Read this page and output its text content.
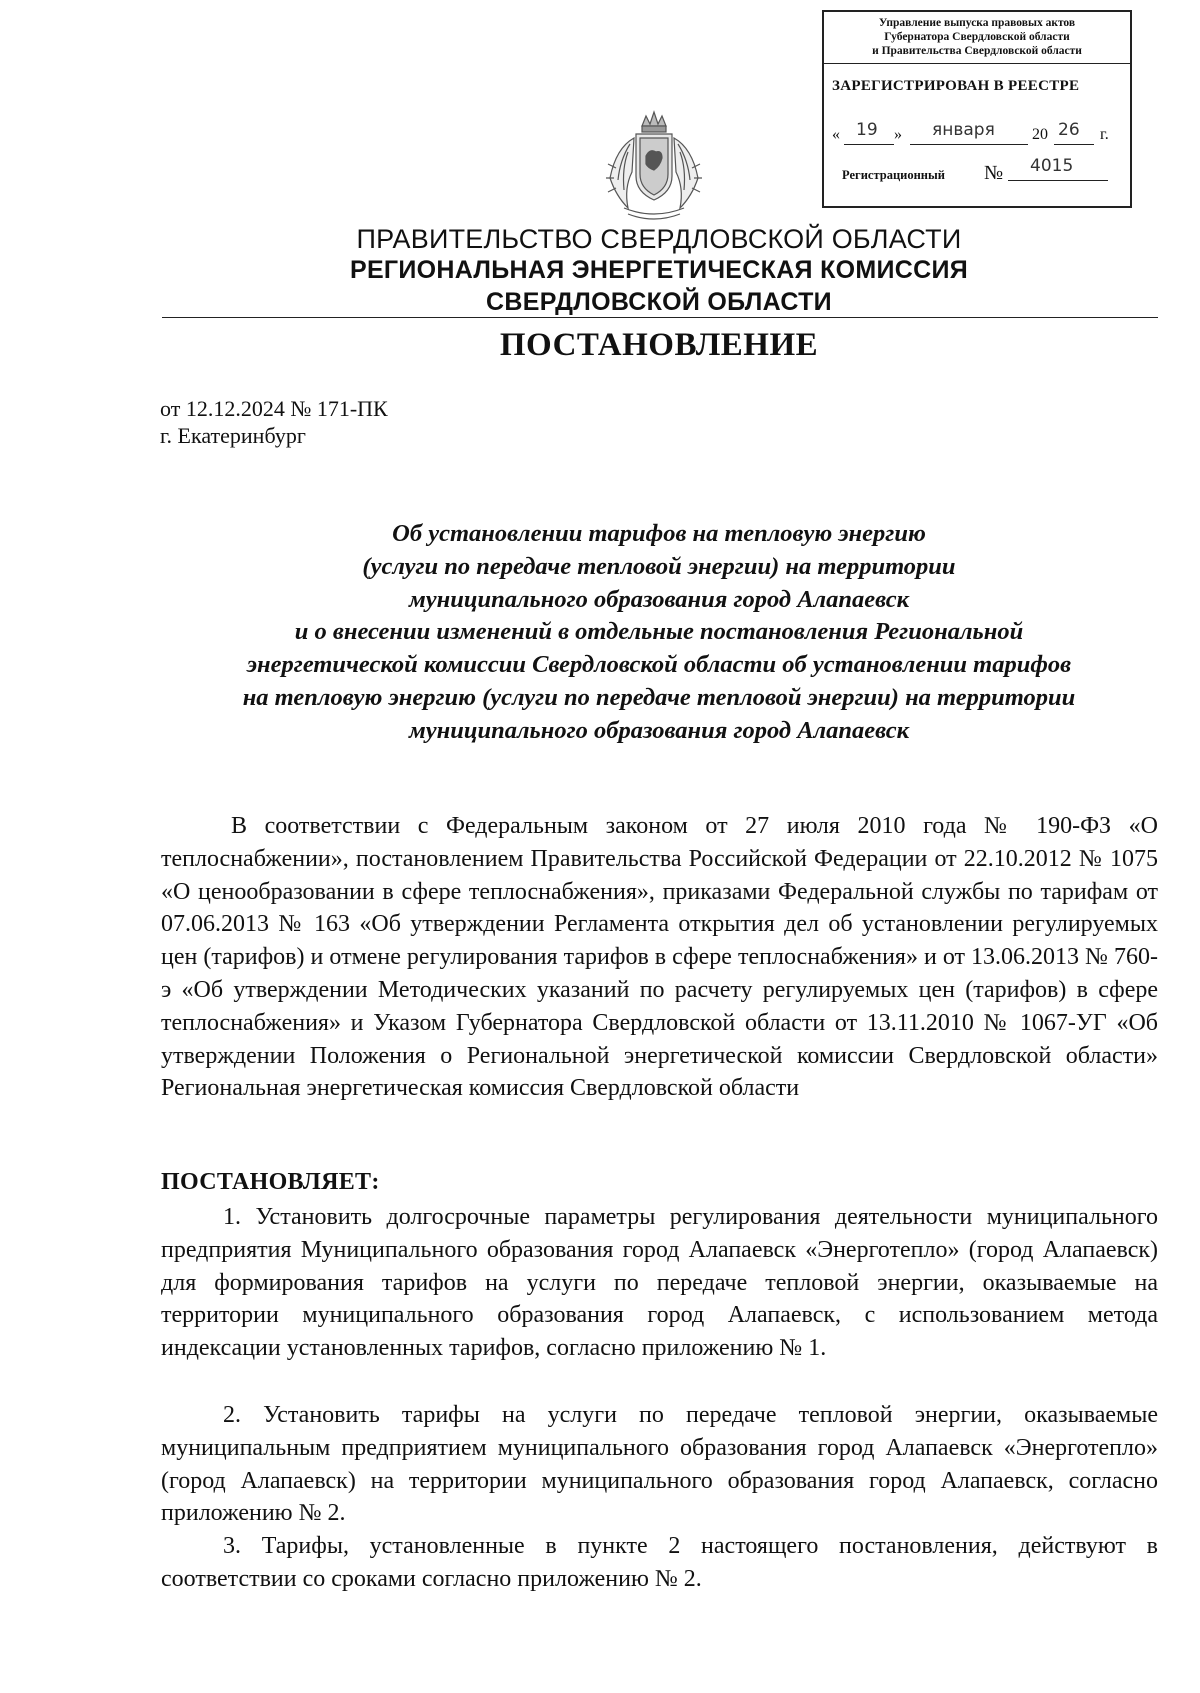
Управление выпуска правовых актов
Губернатора Свердловской области
и Правительства Свердловской области
ЗАРЕГИСТРИРОВАН В РЕЕСТРЕ
« 19 » января 20 26 г.
Регистрационный № 4015
ПРАВИТЕЛЬСТВО СВЕРДЛОВСКОЙ ОБЛАСТИ
РЕГИОНАЛЬНАЯ ЭНЕРГЕТИЧЕСКАЯ КОМИССИЯ
СВЕРДЛОВСКОЙ ОБЛАСТИ
ПОСТАНОВЛЕНИЕ
от 12.12.2024 № 171-ПК
г. Екатеринбург
Об установлении тарифов на тепловую энергию
(услуги по передаче тепловой энергии) на территории
муниципального образования город Алапаевск
и о внесении изменений в отдельные постановления Региональной
энергетической комиссии Свердловской области об установлении тарифов
на тепловую энергию (услуги по передаче тепловой энергии) на территории
муниципального образования город Алапаевск
В соответствии с Федеральным законом от 27 июля 2010 года № 190-ФЗ «О теплоснабжении», постановлением Правительства Российской Федерации от 22.10.2012 № 1075 «О ценообразовании в сфере теплоснабжения», приказами Федеральной службы по тарифам от 07.06.2013 № 163 «Об утверждении Регламента открытия дел об установлении регулируемых цен (тарифов) и отмене регулирования тарифов в сфере теплоснабжения» и от 13.06.2013 № 760-э «Об утверждении Методических указаний по расчету регулируемых цен (тарифов) в сфере теплоснабжения» и Указом Губернатора Свердловской области от 13.11.2010 № 1067-УГ «Об утверждении Положения о Региональной энергетической комиссии Свердловской области» Региональная энергетическая комиссия Свердловской области
ПОСТАНОВЛЯЕТ:
1. Установить долгосрочные параметры регулирования деятельности муниципального предприятия Муниципального образования город Алапаевск «Энерготепло» (город Алапаевск) для формирования тарифов на услуги по передаче тепловой энергии, оказываемые на территории муниципального образования город Алапаевск, с использованием метода индексации установленных тарифов, согласно приложению № 1.
2. Установить тарифы на услуги по передаче тепловой энергии, оказываемые муниципальным предприятием муниципального образования город Алапаевск «Энерготепло» (город Алапаевск) на территории муниципального образования город Алапаевск, согласно приложению № 2.
3. Тарифы, установленные в пункте 2 настоящего постановления, действуют в соответствии со сроками согласно приложению № 2.
